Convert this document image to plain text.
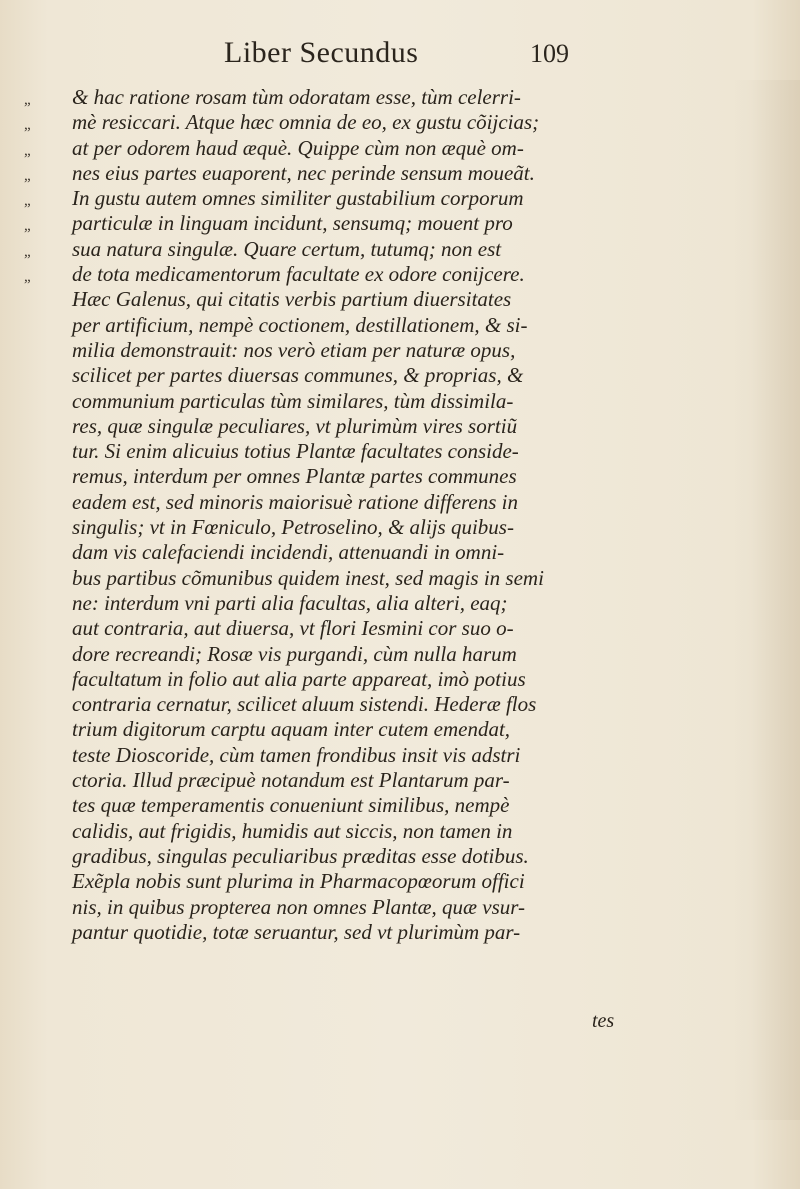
Liber Secundus	109
„
„
„
„
„
„
„
„
& hac ratione rosam tùm odoratam esse, tùm celerri-
mè resiccari. Atque hæc omnia de eo, ex gustu cõijcias;
at per odorem haud æquè. Quippe cùm non æquè om-
nes eius partes euaporent, nec perinde sensum moueãt.
In gustu autem omnes similiter gustabilium corporum
particulæ in linguam incidunt, sensumq; mouent pro
sua natura singulæ. Quare certum, tutumq; non est
de tota medicamentorum facultate ex odore conijcere.
Hæc Galenus, qui citatis verbis partium diuersitates
per artificium, nempè coctionem, destillationem, & si-
milia demonstrauit: nos verò etiam per naturæ opus,
scilicet per partes diuersas communes, & proprias, &
communium particulas tùm similares, tùm dissimila-
res, quæ singulæ peculiares, vt plurimùm vires sortiũ
tur. Si enim alicuius totius Plantæ facultates conside-
remus, interdum per omnes Plantæ partes communes
eadem est, sed minoris maiorisuè ratione differens in
singulis; vt in Fœniculo, Petroselino, & alijs quibus-
dam vis calefaciendi incidendi, attenuandi in omni-
bus partibus cõmunibus quidem inest, sed magis in semi
ne: interdum vni parti alia facultas, alia alteri, eaq;
aut contraria, aut diuersa, vt flori Iesmini cor suo o-
dore recreandi; Rosæ vis purgandi, cùm nulla harum
facultatum in folio aut alia parte appareat, imò potius
contraria cernatur, scilicet aluum sistendi. Hederæ flos
trium digitorum carptu aquam inter cutem emendat,
teste Dioscoride, cùm tamen frondibus insit vis adstri
ctoria. Illud præcipuè notandum est Plantarum par-
tes quæ temperamentis conueniunt similibus, nempè
calidis, aut frigidis, humidis aut siccis, non tamen in
gradibus, singulas peculiaribus præditas esse dotibus.
Exẽpla nobis sunt plurima in Pharmacopœorum offici
nis, in quibus propterea non omnes Plantæ, quæ vsur-
pantur quotidie, totæ seruantur, sed vt plurimùm par-
tes
